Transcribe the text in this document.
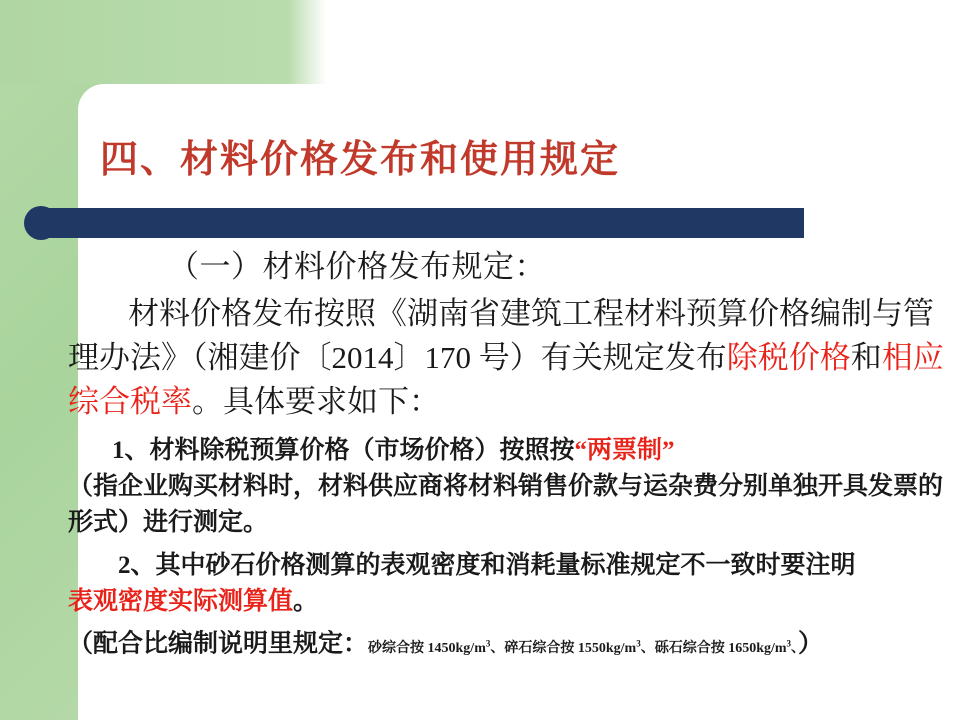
四、材料价格发布和使用规定

（一）材料价格发布规定：

材料价格发布按照《湖南省建筑工程材料预算价格编制与管理办法》（湘建价〔2014〕170 号）有关规定发布除税价格和相应综合税率。具体要求如下：

1、材料除税预算价格（市场价格）按照按“两票制”

（指企业购买材料时，材料供应商将材料销售价款与运杂费分别单独开具发票的形式）进行测定。

2、其中砂石价格测算的表观密度和消耗量标准规定不一致时要注明

表观密度实际测算值。

（配合比编制说明里规定：砂综合按 $1450kg/m^3$、碎石综合按 $1550kg/m^3$、砾石综合按 $1650kg/m^3$、）
